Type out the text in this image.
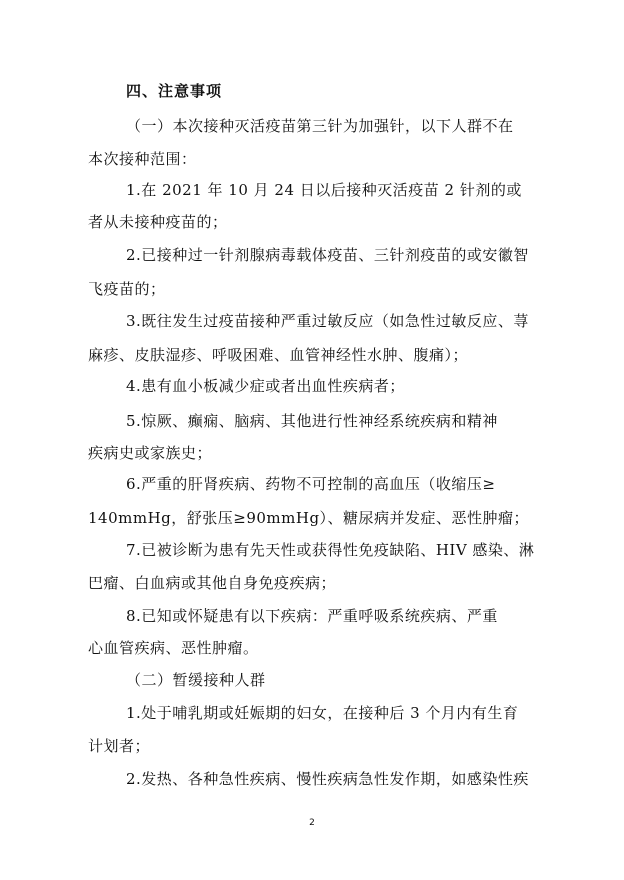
四、注意事项

（一）本次接种灭活疫苗第三针为加强针，以下人群不在

本次接种范围：

1.在 2021 年 10 月 24 日以后接种灭活疫苗 2 针剂的或

者从未接种疫苗的；

2.已接种过一针剂腺病毒载体疫苗、三针剂疫苗的或安徽智

飞疫苗的；

3.既往发生过疫苗接种严重过敏反应（如急性过敏反应、荨

麻疹、皮肤湿疹、呼吸困难、血管神经性水肿、腹痛）；

4.患有血小板减少症或者出血性疾病者；

5.惊厥、癫痫、脑病、其他进行性神经系统疾病和精神

疾病史或家族史；

6.严重的肝肾疾病、药物不可控制的高血压（收缩压≥

140mmHg，舒张压≥90mmHg）、糖尿病并发症、恶性肿瘤；

7.已被诊断为患有先天性或获得性免疫缺陷、HIV 感染、淋

巴瘤、白血病或其他自身免疫疾病；

8.已知或怀疑患有以下疾病：严重呼吸系统疾病、严重

心血管疾病、恶性肿瘤。

（二）暂缓接种人群

1.处于哺乳期或妊娠期的妇女，在接种后 3 个月内有生育

计划者；

2.发热、各种急性疾病、慢性疾病急性发作期，如感染性疾

2
